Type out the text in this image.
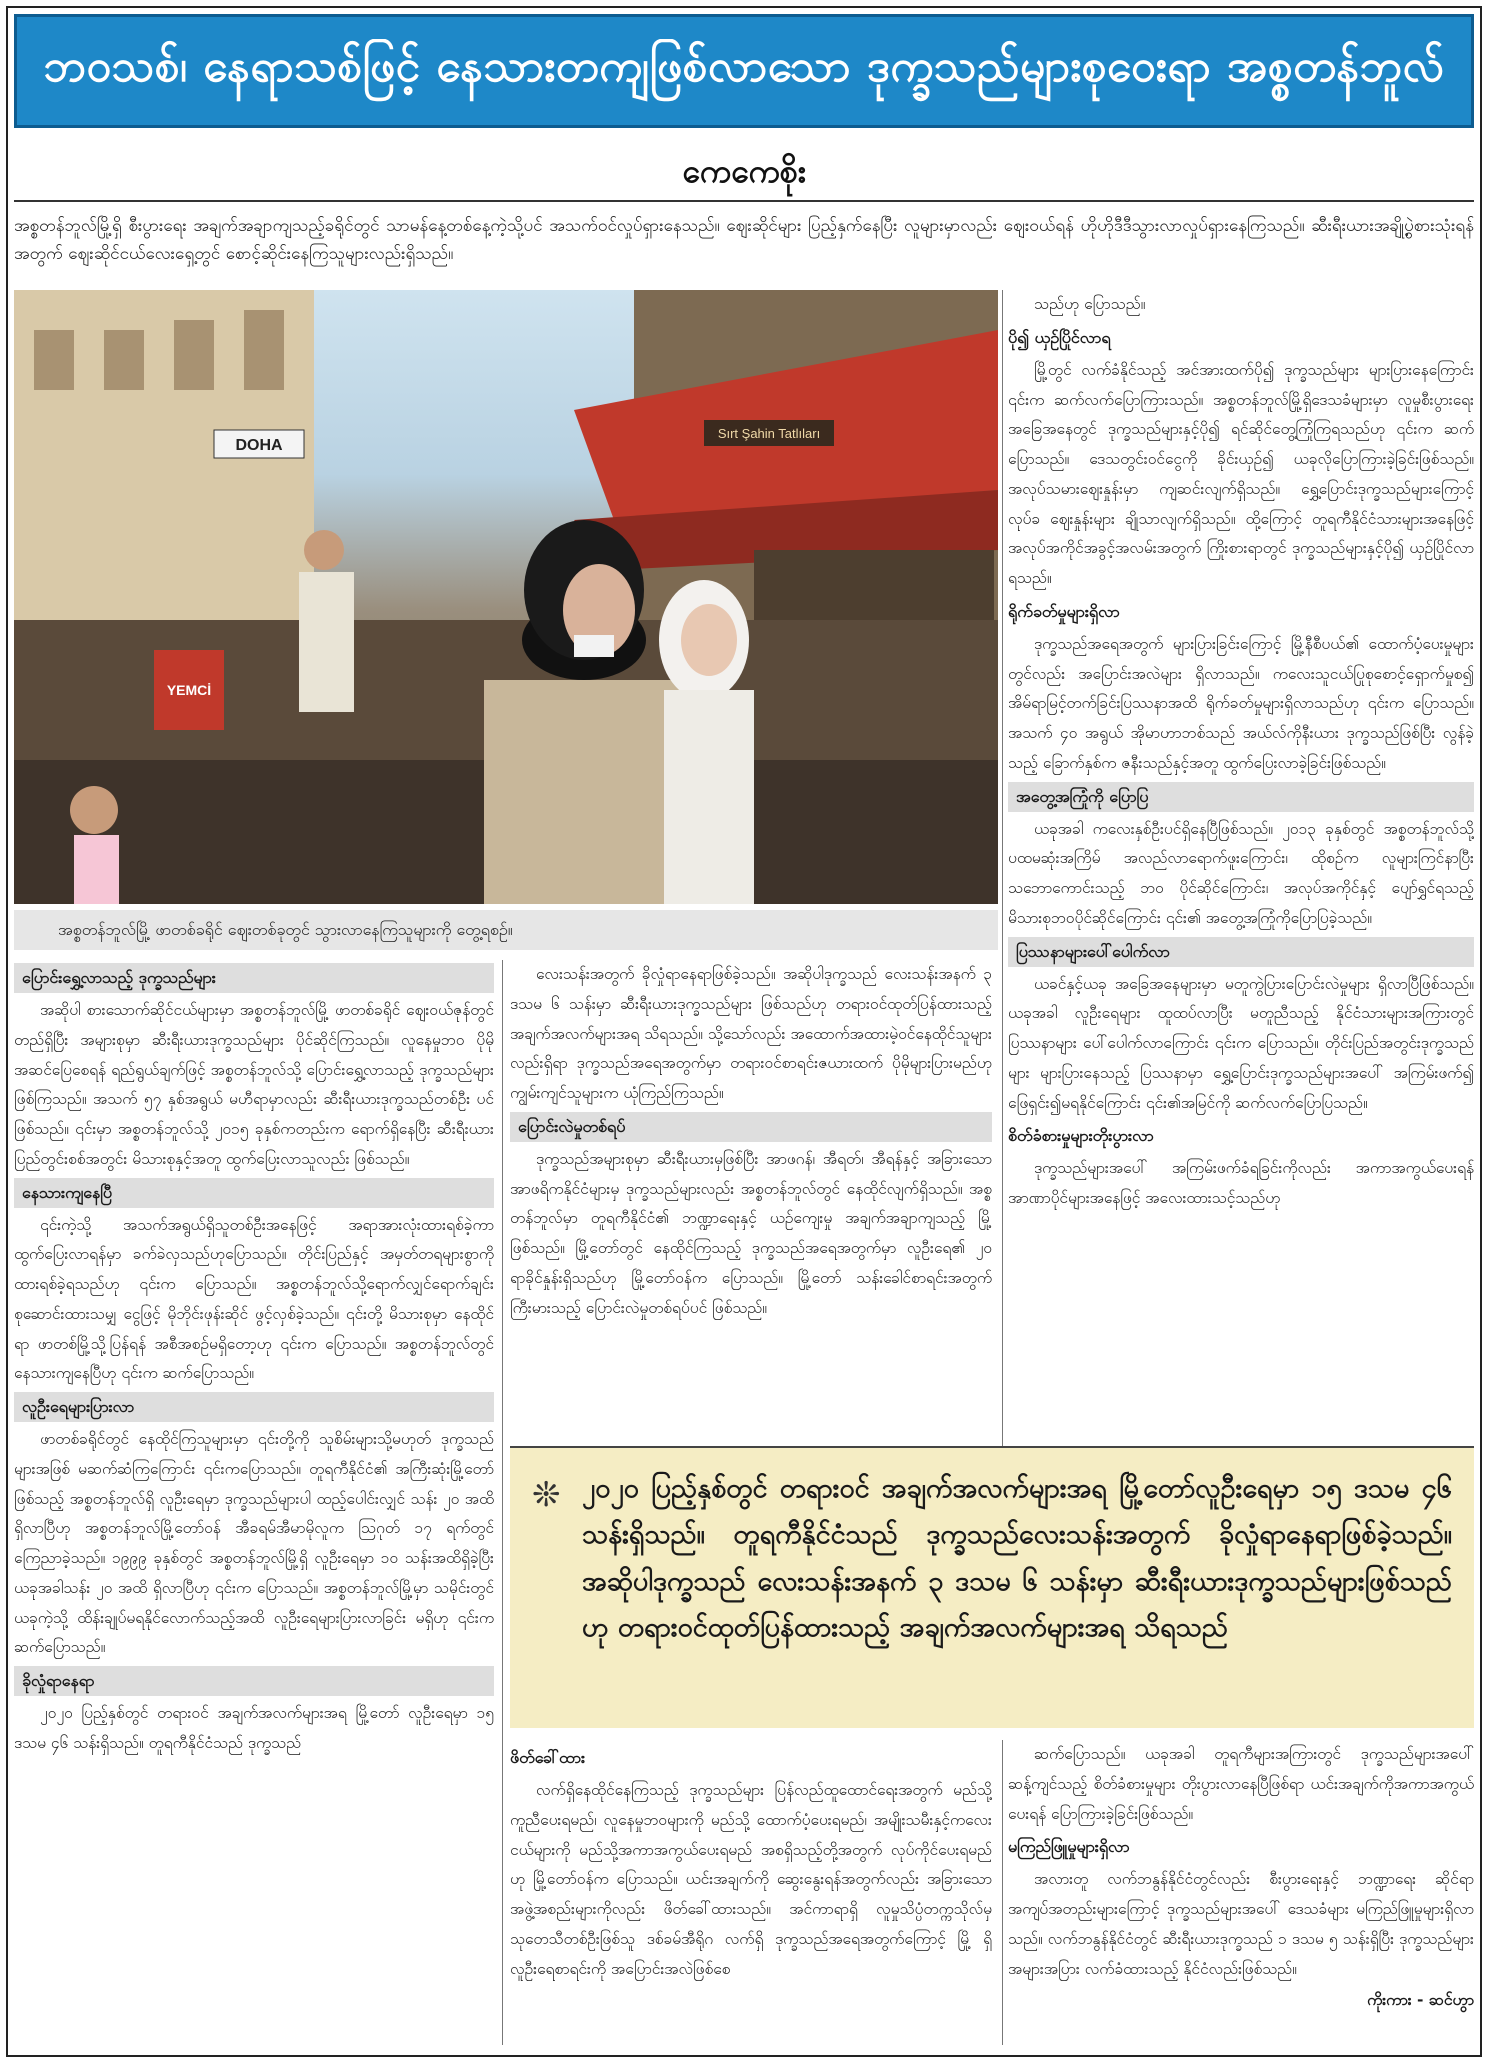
ဘဝသစ်၊ နေရာသစ်ဖြင့် နေသားတကျဖြစ်လာသော ဒုက္ခသည်များစုဝေးရာ အစ္စတန်ဘူလ်
ကေကေစိုး
အစ္စတန်ဘူလ်မြို့ရှိ စီးပွားရေး အချက်အချာကျသည့်ခရိုင်တွင် သာမန်နေ့တစ်နေ့ကဲ့သို့ပင် အသက်ဝင်လှုပ်ရှားနေသည်။ ဈေးဆိုင်များ ပြည့်နှက်နေပြီး လူများမှာလည်း ဈေးဝယ်ရန် ဟိုဟိုဒီဒီသွားလာလှုပ်ရှားနေကြသည်။ ဆီးရီးယားအချို့ပွဲစားသုံးရန်အတွက် ဈေးဆိုင်ငယ်လေးရှေ့တွင် စောင့်ဆိုင်းနေကြသူများလည်းရှိသည်။
DOHA
YEMCİ
Sırt Şahin Tatlıları
အစ္စတန်ဘူလ်မြို့ ဖာတစ်ခရိုင် ဈေးတစ်ခုတွင် သွားလာနေကြသူများကို တွေ့ရစဉ်။
ပြောင်းရွှေ့လာသည့် ဒုက္ခသည်များ

အဆိုပါ စားသောက်ဆိုင်ငယ်များမှာ အစ္စတန်ဘူလ်မြို့ ဖာတစ်ခရိုင် ဈေးဝယ်ဇုန်တွင်တည်ရှိပြီး အများစုမှာ ဆီးရီးယားဒုက္ခသည်များ ပိုင်ဆိုင်ကြသည်။ လူနေမှုဘဝ ပိုမိုအဆင်ပြေစေရန် ရည်ရွယ်ချက်ဖြင့် အစ္စတန်ဘူလ်သို့ ပြောင်းရွှေ့လာသည့် ဒုက္ခသည်များ ဖြစ်ကြသည်။ အသက် ၅၇ နှစ်အရွယ် မဟီရာမှာလည်း ဆီးရီးယားဒုက္ခသည်တစ်ဦး ပင်ဖြစ်သည်။ ၎င်းမှာ အစ္စတန်ဘူလ်သို့ ၂၀၁၅ ခုနှစ်ကတည်းက ရောက်ရှိနေပြီး ဆီးရီးယားပြည်တွင်းစစ်အတွင်း မိသားစုနှင့်အတူ ထွက်ပြေးလာသူလည်း ဖြစ်သည်။

နေသားကျနေပြီ

၎င်းကဲ့သို့ အသက်အရွယ်ရှိသူတစ်ဦးအနေဖြင့် အရာအားလုံးထားရစ်ခဲ့ကာ ထွက်ပြေးလာရန်မှာ ခက်ခဲလှသည်ဟုပြောသည်။ တိုင်းပြည်နှင့် အမှတ်တရများစွာကို ထားရစ်ခဲ့ရသည်ဟု ၎င်းက ပြောသည်။ အစ္စတန်ဘူလ်သို့ရောက်လျှင်ရောက်ချင်း စုဆောင်းထားသမျှ ငွေဖြင့် မိုဘိုင်းဖုန်းဆိုင် ဖွင့်လှစ်ခဲ့သည်။ ၎င်းတို့ မိသားစုမှာ နေထိုင်ရာ ဖာတစ်မြို့သို့ပြန်ရန် အစီအစဉ်မရှိတော့ဟု ၎င်းက ပြောသည်။ အစ္စတန်ဘူလ်တွင် နေသားကျနေပြီဟု ၎င်းက ဆက်ပြောသည်။

လူဦးရေများပြားလာ

ဖာတစ်ခရိုင်တွင် နေထိုင်ကြသူများမှာ ၎င်းတို့ကို သူစိမ်းများသို့မဟုတ် ဒုက္ခသည်များအဖြစ် မဆက်ဆံကြကြောင်း ၎င်းကပြောသည်။ တူရကီနိုင်ငံ၏ အကြီးဆုံးမြို့တော်ဖြစ်သည့် အစ္စတန်ဘူလ်ရှိ လူဦးရေမှာ ဒုက္ခသည်များပါ ထည့်ပေါင်းလျှင် သန်း ၂၀ အထိ ရှိလာပြီဟု အစ္စတန်ဘူလ်မြို့တော်ဝန် အီခရမ်အီမာမိုလူက ဩဂုတ် ၁၇ ရက်တွင်ကြေညာခဲ့သည်။ ၁၉၉၉ ခုနှစ်တွင် အစ္စတန်ဘူလ်မြို့ရှိ လူဦးရေမှာ ၁၀ သန်းအထိရှိခဲ့ပြီး ယခုအခါသန်း ၂၀ အထိ ရှိလာပြီဟု ၎င်းက ပြောသည်။ အစ္စတန်ဘူလ်မြို့မှာ သမိုင်းတွင် ယခုကဲ့သို့ ထိန်းချုပ်မရနိုင်လောက်သည့်အထိ လူဦးရေများပြားလာခြင်း မရှိဟု ၎င်းက ဆက်ပြောသည်။

ခိုလှုံရာနေရာ

၂၀၂၀ ပြည့်နှစ်တွင် တရားဝင် အချက်အလက်များအရ မြို့တော် လူဦးရေမှာ ၁၅ ဒသမ ၄၆ သန်းရှိသည်။ တူရကီနိုင်ငံသည် ဒုက္ခသည်

လေးသန်းအတွက် ခိုလှုံရာနေရာဖြစ်ခဲ့သည်။ အဆိုပါဒုက္ခသည် လေးသန်းအနက် ၃ ဒသမ ၆ သန်းမှာ ဆီးရီးယားဒုက္ခသည်များ ဖြစ်သည်ဟု တရားဝင်ထုတ်ပြန်ထားသည့် အချက်အလက်များအရ သိရသည်။ သို့သော်လည်း အထောက်အထားမဲ့ဝင်နေထိုင်သူများလည်းရှိရာ ဒုက္ခသည်အရေအတွက်မှာ တရားဝင်စာရင်းဇယားထက် ပိုမိုများပြားမည်ဟု ကျွမ်းကျင်သူများက ယုံကြည်ကြသည်။

ပြောင်းလဲမှုတစ်ရပ်

ဒုက္ခသည်အများစုမှာ ဆီးရီးယားမှဖြစ်ပြီး အာဖဂန်၊ အီရတ်၊ အီရန်နှင့် အခြားသောအာဖရိကနိုင်ငံများမှ ဒုက္ခသည်များလည်း အစ္စတန်ဘူလ်တွင် နေထိုင်လျက်ရှိသည်။ အစ္စတန်ဘူလ်မှာ တူရကီနိုင်ငံ၏ ဘဏ္ဍာရေးနှင့် ယဉ်ကျေးမှု အချက်အချာကျသည့် မြို့ဖြစ်သည်။ မြို့တော်တွင် နေထိုင်ကြသည့် ဒုက္ခသည်အရေအတွက်မှာ လူဦးရေ၏ ၂၀ ရာခိုင်နှုန်းရှိသည်ဟု မြို့တော်ဝန်က ပြောသည်။ မြို့တော် သန်းခေါင်စာရင်းအတွက် ကြီးမားသည့် ပြောင်းလဲမှုတစ်ရပ်ပင် ဖြစ်သည်။

သည်ဟု ပြောသည်။

ပို၍ ယှဉ်ပြိုင်လာရ

မြို့တွင် လက်ခံနိုင်သည့် အင်အားထက်ပို၍ ဒုက္ခသည်များ များပြားနေကြောင်း ၎င်းက ဆက်လက်ပြောကြားသည်။ အစ္စတန်ဘူလ်မြို့ရှိဒေသခံများမှာ လူမှုစီးပွားရေးအခြေအနေတွင် ဒုက္ခသည်များနှင့်ပို၍ ရင်ဆိုင်တွေ့ကြုံကြရသည်ဟု ၎င်းက ဆက်ပြောသည်။ ဒေသတွင်းဝင်ငွေကို ခိုင်းယှဉ်၍ ယခုလိုပြောကြားခဲ့ခြင်းဖြစ်သည်။ အလုပ်သမားဈေးနှုန်းမှာ ကျဆင်းလျက်ရှိသည်။ ရွှေ့ပြောင်းဒုက္ခသည်များကြောင့် လုပ်ခ ဈေးနှုန်းများ ချိုသာလျက်ရှိသည်။ ထို့ကြောင့် တူရကီနိုင်ငံသားများအနေဖြင့် အလုပ်အကိုင်အခွင့်အလမ်းအတွက် ကြိုးစားရာတွင် ဒုက္ခသည်များနှင့်ပို၍ ယှဉ်ပြိုင်လာရသည်။

ရိုက်ခတ်မှုများရှိလာ

ဒုက္ခသည်အရေအတွက် များပြားခြင်းကြောင့် မြို့နီစီပယ်၏ ထောက်ပံ့ပေးမှုများတွင်လည်း အပြောင်းအလဲများ ရှိလာသည်။ ကလေးသူငယ်ပြုစုစောင့်ရှောက်မှုစ၍ အိမ်ရာမြင့်တက်ခြင်းပြဿနာအထိ ရိုက်ခတ်မှုများရှိလာသည်ဟု ၎င်းက ပြောသည်။ အသက် ၄၀ အရွယ် အိုမာဟာဘစ်သည် အယ်လ်ကိုနီးယား ဒုက္ခသည်ဖြစ်ပြီး လွန်ခဲ့သည့် ခြောက်နှစ်က ဇနီးသည်နှင့်အတူ ထွက်ပြေးလာခဲ့ခြင်းဖြစ်သည်။

အတွေ့အကြုံကို ပြောပြ

ယခုအခါ ကလေးနှစ်ဦးပင်ရှိနေပြီဖြစ်သည်။ ၂၀၁၃ ခုနှစ်တွင် အစ္စတန်ဘူလ်သို့ ပထမဆုံးအကြိမ် အလည်လာရောက်ဖူးကြောင်း၊ ထိုစဉ်က လူများကြင်နာပြီး သဘောကောင်းသည့် ဘဝ ပိုင်ဆိုင်ကြောင်း၊ အလုပ်အကိုင်နှင့် ပျော်ရွှင်ရသည့် မိသားစုဘဝပိုင်ဆိုင်ကြောင်း ၎င်း၏ အတွေ့အကြုံကိုပြောပြခဲ့သည်။

ပြဿနာများပေါ်ပေါက်လာ

ယခင်နှင့်ယခု အခြေအနေများမှာ မတူကွဲပြားပြောင်းလဲမှုများ ရှိလာပြီဖြစ်သည်။ ယခုအခါ လူဦးရေများ ထူထပ်လာပြီး မတူညီသည့် နိုင်ငံသားများအကြားတွင် ပြဿနာများ ပေါ်ပေါက်လာကြောင်း ၎င်းက ပြောသည်။ တိုင်းပြည်အတွင်းဒုက္ခသည်များ များပြားနေသည့် ပြဿနာမှာ ရွှေ့ပြောင်းဒုက္ခသည်များအပေါ် အကြမ်းဖက်၍ ဖြေရှင်း၍မရနိုင်ကြောင်း ၎င်း၏အမြင်ကို ဆက်လက်ပြောပြသည်။

စိတ်ခံစားမှုများတိုးပွားလာ

ဒုက္ခသည်များအပေါ် အကြမ်းဖက်ခံရခြင်းကိုလည်း အကာအကွယ်ပေးရန် အာဏာပိုင်များအနေဖြင့် အလေးထားသင့်သည်ဟု

❊ ၂၀၂၀ ပြည့်နှစ်တွင် တရားဝင် အချက်အလက်များအရ မြို့တော်လူဦးရေမှာ ၁၅ ဒသမ ၄၆ သန်းရှိသည်။ တူရကီနိုင်ငံသည် ဒုက္ခသည်လေးသန်းအတွက် ခိုလှုံရာနေရာဖြစ်ခဲ့သည်။ အဆိုပါဒုက္ခသည် လေးသန်းအနက် ၃ ဒသမ ၆ သန်းမှာ ဆီးရီးယားဒုက္ခသည်များဖြစ်သည်ဟု တရားဝင်ထုတ်ပြန်ထားသည့် အချက်အလက်များအရ သိရသည်
ဖိတ်ခေါ်ထား

လက်ရှိနေထိုင်နေကြသည့် ဒုက္ခသည်များ ပြန်လည်ထူထောင်ရေးအတွက် မည်သို့ကူညီပေးရမည်၊ လူနေမှုဘဝများကို မည်သို့ ထောက်ပံ့ပေးရမည်၊ အမျိုးသမီးနှင့်ကလေးငယ်များကို မည်သို့အကာအကွယ်ပေးရမည် အစရှိသည့်တို့အတွက် လုပ်ကိုင်ပေးရမည်ဟု မြို့တော်ဝန်က ပြောသည်။ ယင်းအချက်ကို ဆွေးနွေးရန်အတွက်လည်း အခြားသော အဖွဲ့အစည်းများကိုလည်း ဖိတ်ခေါ်ထားသည်။ အင်ကာရာရှိ လူမှုသိပ္ပံတက္ကသိုလ်မှ သုတေသီတစ်ဦးဖြစ်သူ ဒစ်ခမ်အီရိုဂ လက်ရှိ ဒုက္ခသည်အရေအတွက်ကြောင့် မြို့ ရှိလူဦးရေစာရင်းကို အပြောင်းအလဲဖြစ်စေ

ဆက်ပြောသည်။ ယခုအခါ တူရကီများအကြားတွင် ဒုက္ခသည်များအပေါ် ဆန့်ကျင်သည့် စိတ်ခံစားမှုများ တိုးပွားလာနေပြီဖြစ်ရာ ယင်းအချက်ကိုအကာအကွယ်ပေးရန် ပြောကြားခဲ့ခြင်းဖြစ်သည်။

မကြည်ဖြူမှုများရှိလာ

အလားတူ လက်ဘနွန်နိုင်ငံတွင်လည်း စီးပွားရေးနှင့် ဘဏ္ဍာရေး ဆိုင်ရာ အကျပ်အတည်းများကြောင့် ဒုက္ခသည်များအပေါ် ဒေသခံများ မကြည်ဖြူမှုများရှိလာသည်။ လက်ဘနွန်နိုင်ငံတွင် ဆီးရီးယားဒုက္ခသည် ၁ ဒသမ ၅ သန်းရှိပြီး ဒုက္ခသည်များ အများအပြား လက်ခံထားသည့် နိုင်ငံလည်းဖြစ်သည်။

ကိုးကား - ဆင်ဟွာ
